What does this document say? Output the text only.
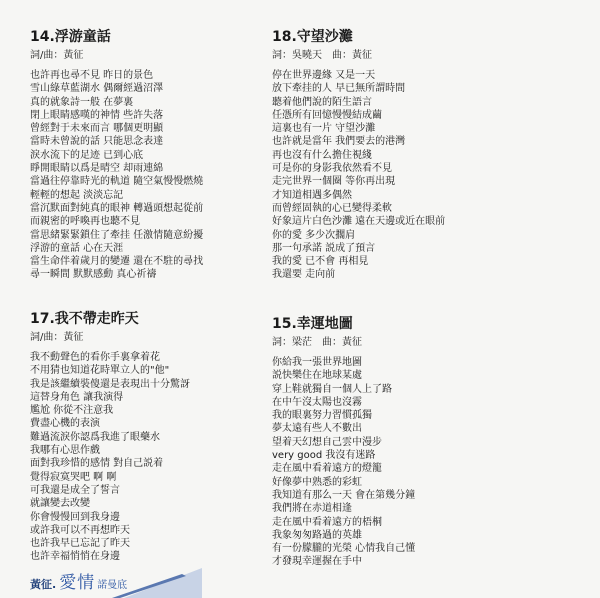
14.浮游童話

詞/曲：黃征

也許再也尋不見 昨日的景色
雪山綠草藍湖水 偶爾經過沼澤
真的就象詩一般 在夢裏
閉上眼睛感嘆的神情 些許失落
曾經對于未來而言 哪個更明顯
當時未曾說的話 只能思念表達
淚水流下的足迹 已到心底
睜開眼睛以爲是晴空 却雨連綿
當過往停靠時光的軌道 隨空氣慢慢燃燒
輕輕的想起 淡淡忘記
當沉默面對純真的眼神 轉過頭想起從前
而親密的呼喚再也聽不見
當思緒緊緊鎖住了牽挂 任激情隨意紛擾
浮游的童話 心在天涯
當生命伴着歲月的變遷 還在不駐的尋找
尋一瞬間 默默感動 真心祈禱
18.守望沙灘

詞：吳曉天　曲：黃征

停在世界邊緣 又是一天
放下牽挂的人 早已無所謂時間
聽着他們說的陌生語言
任憑所有回憶慢慢結成繭
這裏也有一片 守望沙灘
也許就是當年 我們要去的港灣
再也沒有什么擔住視綫
可是你的身影我依然看不見
走完世界一個圈 等你再出現
才知道相遇多偶然
而曾經固執的心已變得柔軟
好象這片白色沙灘 遠在天邊或近在眼前
你的愛 多少次擱肩
那一句承諾 説成了預言
我的愛 已不會 再相見
我還要 走向前
17.我不帶走昨天

詞/曲：黃征

我不動聲色的看你手裏拿着花
不用猜也知道花時單立人的"他"
我是該繼續裝傻還是表現出十分驚訝
這替身角色 讓我演得
尷尬 你從不注意我
費盡心機的表演
難過流淚你認爲我進了眼藥水
我哪有心思作戲
面對我珍惜的感情 對自己説着
覺得寂寞哭吧 啊 啊
可我還是成全了誓言
就讓變去改變
你會慢慢回到我身邊
或許我可以不再想昨天
也許我早已忘記了昨天
也許幸福悄悄在身邊
15.幸運地圖

詞：梁茫　曲：黃征

你給我一張世界地圖
説快樂住在地球某處
穿上鞋就獨自一個人上了路
在中午沒太陽也沒霧
我的眼裏努力習慣孤獨
夢太遠有些人不數出
望着天幻想自己雲中漫步
very good 我沒有迷路
走在風中看着遠方的燈籠
好像夢中熟悉的彩虹
我知道有那么一天 會在第幾分鐘
我們將在赤道相逢
走在風中看着遠方的梧桐
我象匆匆路過的英雄
有一份朦朧的光榮 心情我自己懂
才發現幸運握在手中
黃征. 愛情 諾曼底
